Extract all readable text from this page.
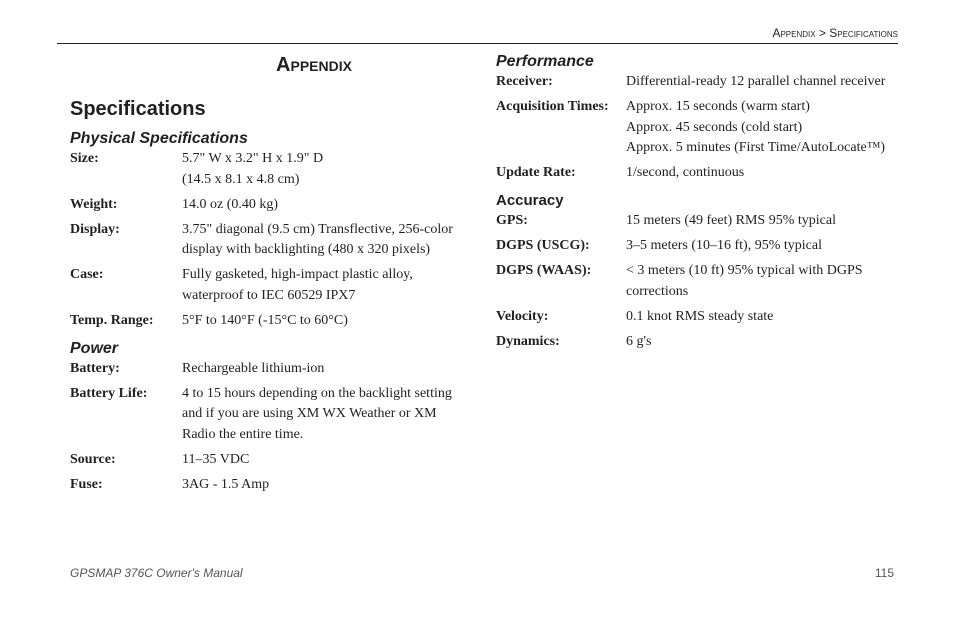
Appendix > Specifications
Appendix
Specifications
Physical Specifications
Size:	5.7" W x 3.2" H x 1.9" D
(14.5 x 8.1 x 4.8 cm)
Weight:	14.0 oz (0.40 kg)
Display:	3.75" diagonal (9.5 cm) Transflective, 256-color
display with backlighting (480 x 320 pixels)
Case:	Fully gasketed, high-impact plastic alloy,
waterproof to IEC 60529 IPX7
Temp. Range:	5°F to 140°F (-15°C to 60°C)
Power
Battery:	Rechargeable lithium-ion
Battery Life:	4 to 15 hours depending on the backlight setting
and if you are using XM WX Weather or XM
Radio the entire time.
Source:	11–35 VDC
Fuse:	3AG - 1.5 Amp
Performance
Receiver:	Differential-ready 12 parallel channel receiver
Acquisition Times:	Approx. 15 seconds (warm start)
Approx. 45 seconds (cold start)
Approx. 5 minutes (First Time/AutoLocate™)
Update Rate:	1/second, continuous
Accuracy
GPS:	15 meters (49 feet) RMS 95% typical
DGPS (USCG):	3–5 meters (10–16 ft), 95% typical
DGPS (WAAS):	< 3 meters (10 ft) 95% typical with DGPS
corrections
Velocity:	0.1 knot RMS steady state
Dynamics:	6 g's
GPSMAP 376C Owner's Manual	115
